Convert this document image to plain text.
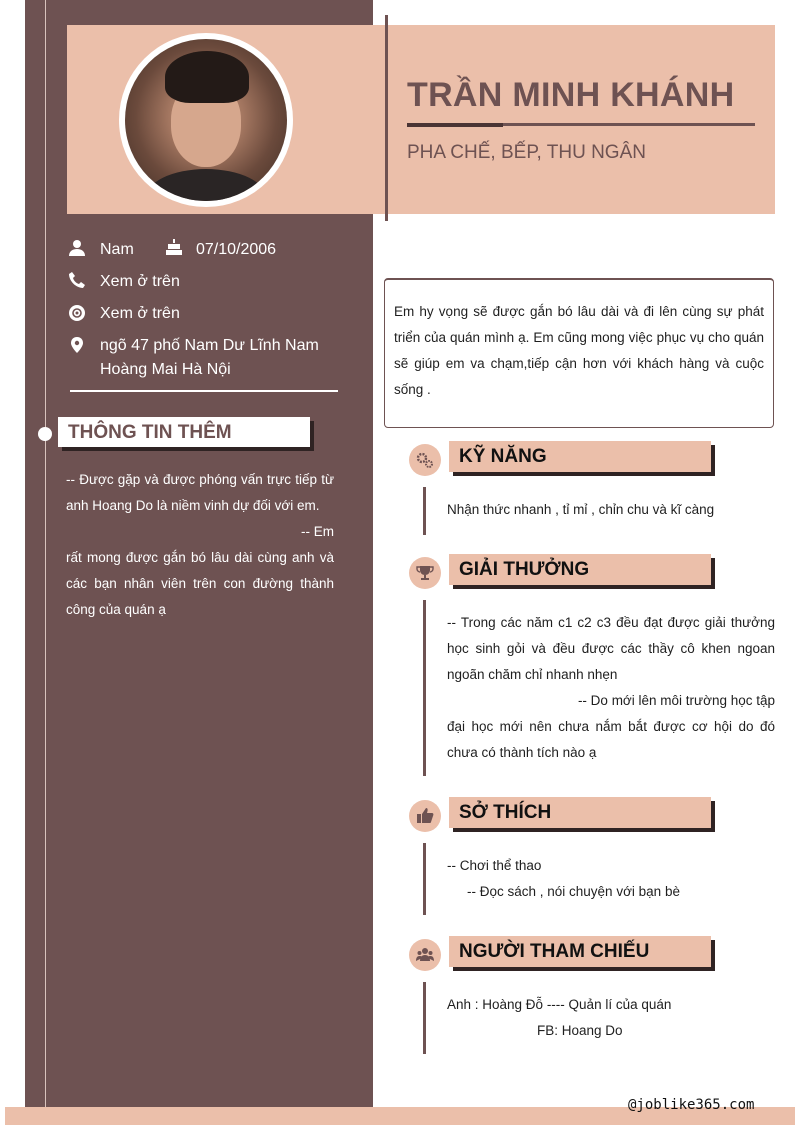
TRẦN MINH KHÁNH
PHA CHẾ, BẾP, THU NGÂN
Nam	07/10/2006
Xem ở trên
Xem ở trên
ngõ 47 phố Nam Dư Lĩnh Nam
Hoàng Mai Hà Nội
THÔNG TIN THÊM

-- Được gặp và được phóng vấn trực tiếp từ anh Hoang Do là niềm vinh dự đối với em.

-- Em

rất mong được gắn bó lâu dài cùng anh và các bạn nhân viên trên con đường thành công của quán ạ

Em hy vọng sẽ được gắn bó lâu dài và đi lên cùng sự phát triển của quán mình ạ. Em cũng mong việc phục vụ cho quán sẽ giúp em va chạm,tiếp cận hơn với khách hàng và cuộc sống .
KỸ NĂNG

Nhận thức nhanh , tỉ mỉ , chỉn chu và kĩ càng

GIẢI THƯỞNG

-- Trong các năm c1 c2 c3 đều đạt được giải thưởng học sinh gỏi và đều được các thầy cô khen ngoan ngoãn chăm chỉ nhanh nhẹn

-- Do mới lên môi trường học tập

đại học mới nên chưa nắm bắt được cơ hội do đó chưa có thành tích nào ạ

SỞ THÍCH

-- Chơi thể thao

-- Đọc sách , nói chuyện với bạn bè

NGƯỜI THAM CHIẾU

Anh : Hoàng Đỗ ---- Quản lí của quán

FB: Hoang Do

@joblike365.com
